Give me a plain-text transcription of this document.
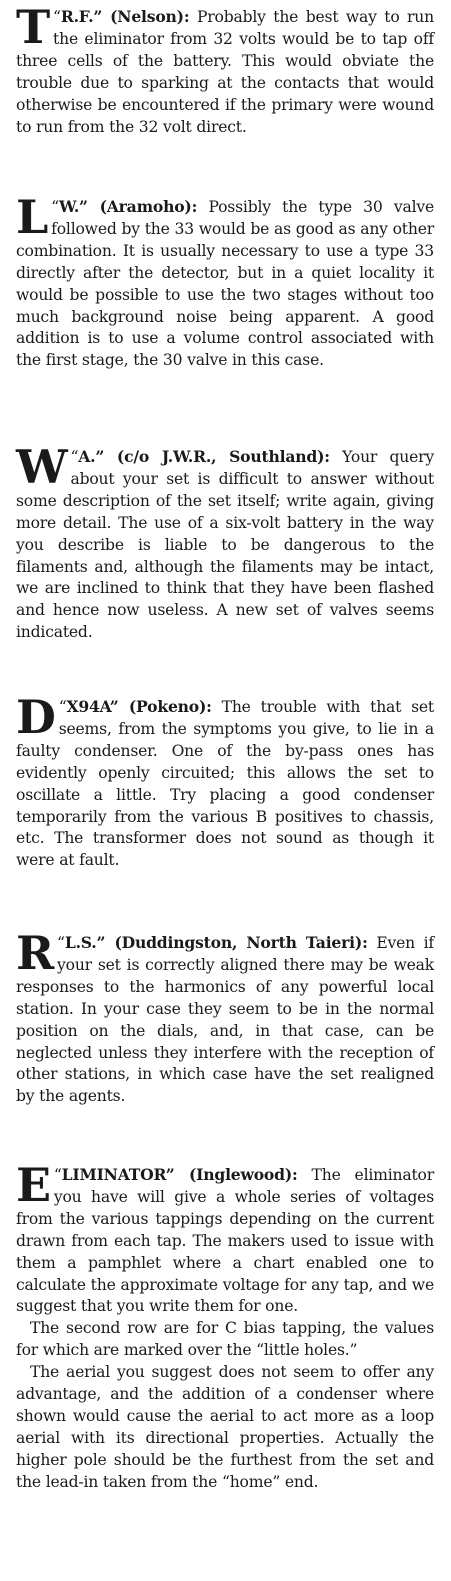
“
T R.F.” (Nelson): Probably the best way to run the eliminator from 32 volts would be to tap off three cells of the battery. This would obviate the trouble due to sparking at the contacts that would otherwise be encountered if the primary were wound to run from the 32 volt direct.

“
L W.” (Aramoho): Possibly the type 30 valve followed by the 33 would be as good as any other combination. It is usually necessary to use a type 33 directly after the detector, but in a quiet locality it would be possible to use the two stages without too much background noise being apparent. A good addition is to use a volume control associated with the first stage, the 30 valve in this case.

“
W A.” (c/o J.W.R., Southland): Your query about your set is difficult to answer without some description of the set itself; write again, giving more detail. The use of a six-volt battery in the way you describe is liable to be dangerous to the filaments and, although the filaments may be intact, we are inclined to think that they have been flashed and hence now useless. A new set of valves seems indicated.

“
D X94A” (Pokeno): The trouble with that set seems, from the symptoms you give, to lie in a faulty condenser. One of the by-pass ones has evidently openly circuited; this allows the set to oscillate a little. Try placing a good condenser temporarily from the various B positives to chassis, etc. The transformer does not sound as though it were at fault.

“
R L.S.” (Duddingston, North Taieri): Even if your set is correctly aligned there may be weak responses to the harmonics of any powerful local station. In your case they seem to be in the normal position on the dials, and, in that case, can be neglected unless they interfere with the reception of other stations, in which case have the set realigned by the agents.

“
E LIMINATOR” (Inglewood): The eliminator you have will give a whole series of voltages from the various tappings depending on the current drawn from each tap. The makers used to issue with them a pamphlet where a chart enabled one to calculate the approximate voltage for any tap, and we suggest that you write them for one.

The second row are for C bias tapping, the values for which are marked over the “little holes.”

The aerial you suggest does not seem to offer any advantage, and the addition of a condenser where shown would cause the aerial to act more as a loop aerial with its directional properties. Actually the higher pole should be the furthest from the set and the lead-in taken from the “home” end.
